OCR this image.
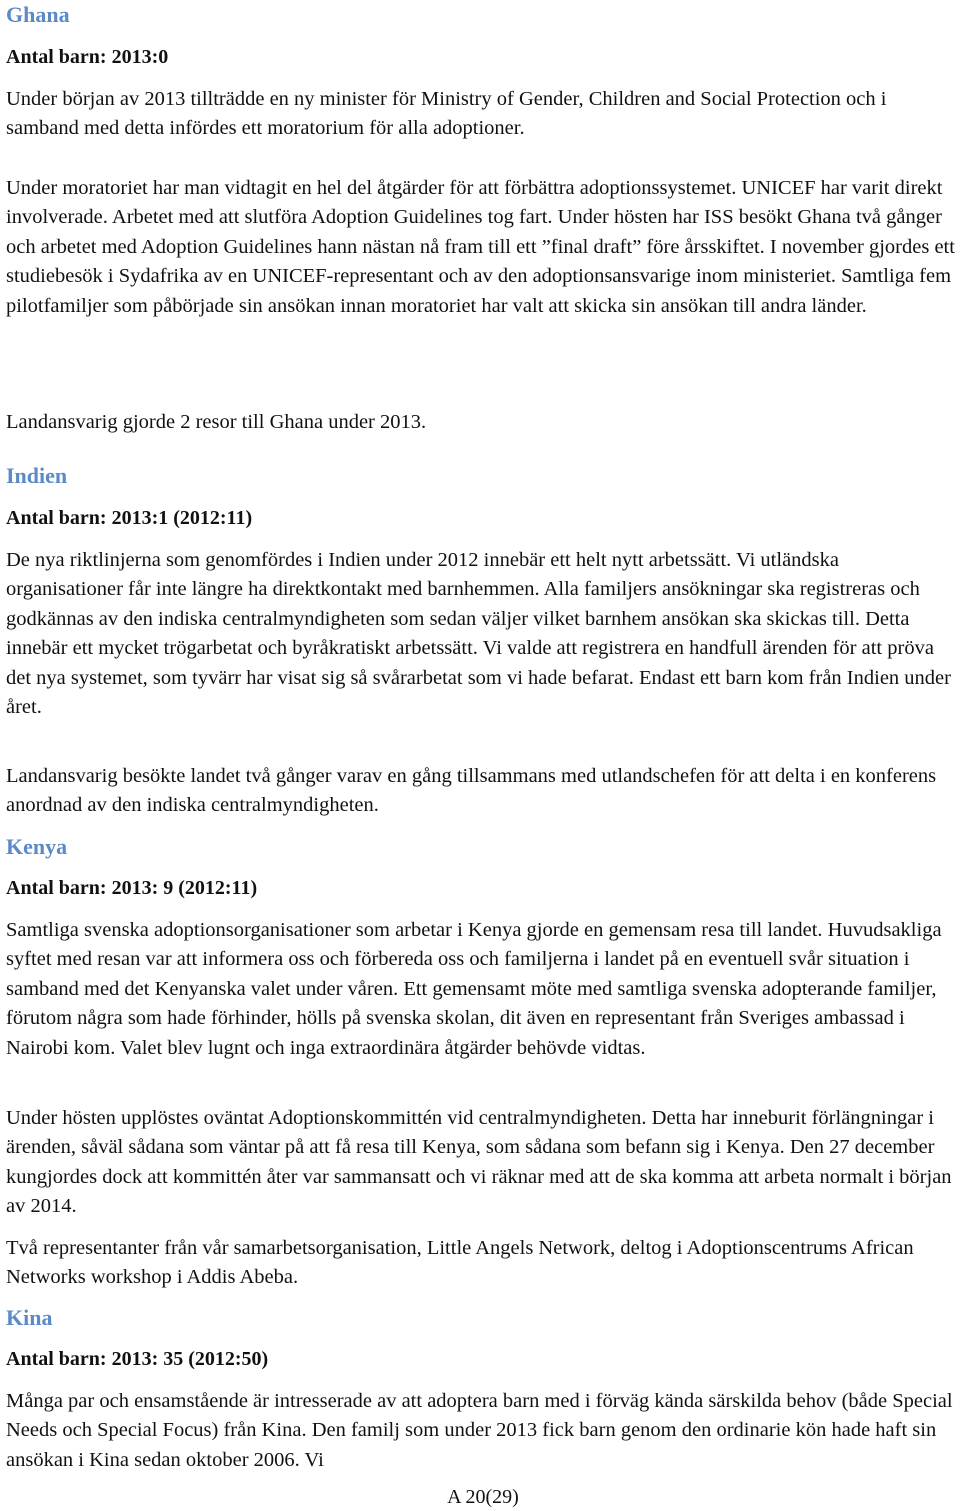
Ghana
Antal barn: 2013:0

Under början av 2013 tillträdde en ny minister för Ministry of Gender, Children and Social Protection och i samband med detta infördes ett moratorium för alla adoptioner.

Under moratoriet har man vidtagit en hel del åtgärder för att förbättra adoptionssystemet. UNICEF har varit direkt involverade. Arbetet med att slutföra Adoption Guidelines tog fart. Under hösten har ISS besökt Ghana två gånger och arbetet med Adoption Guidelines hann nästan nå fram till ett ”final draft” före årsskiftet. I november gjordes ett studiebesök i Sydafrika av en UNICEF-representant och av den adoptionsansvarige inom ministeriet. Samtliga fem pilotfamiljer som påbörjade sin ansökan innan moratoriet har valt att skicka sin ansökan till andra länder.

Landansvarig gjorde 2 resor till Ghana under 2013.

Indien
Antal barn: 2013:1 (2012:11)

De nya riktlinjerna som genomfördes i Indien under 2012 innebär ett helt nytt arbetssätt. Vi utländska organisationer får inte längre ha direktkontakt med barnhemmen. Alla familjers ansökningar ska registreras och godkännas av den indiska centralmyndigheten som sedan väljer vilket barnhem ansökan ska skickas till. Detta innebär ett mycket trögarbetat och byråkratiskt arbetssätt. Vi valde att registrera en handfull ärenden för att pröva det nya systemet, som tyvärr har visat sig så svårarbetat som vi hade befarat. Endast ett barn kom från Indien under året.

Landansvarig besökte landet två gånger varav en gång tillsammans med utlandschefen för att delta i en konferens anordnad av den indiska centralmyndigheten.

Kenya
Antal barn: 2013: 9 (2012:11)

Samtliga svenska adoptionsorganisationer som arbetar i Kenya gjorde en gemensam resa till landet. Huvudsakliga syftet med resan var att informera oss och förbereda oss och familjerna i landet på en eventuell svår situation i samband med det Kenyanska valet under våren. Ett gemensamt möte med samtliga svenska adopterande familjer, förutom några som hade förhinder, hölls på svenska skolan, dit även en representant från Sveriges ambassad i Nairobi kom. Valet blev lugnt och inga extraordinära åtgärder behövde vidtas.

Under hösten upplöstes oväntat Adoptionskommittén vid centralmyndigheten. Detta har inneburit förlängningar i ärenden, såväl sådana som väntar på att få resa till Kenya, som sådana som befann sig i Kenya. Den 27 december kungjordes dock att kommittén åter var sammansatt och vi räknar med att de ska komma att arbeta normalt i början av 2014.

Två representanter från vår samarbetsorganisation, Little Angels Network, deltog i Adoptionscentrums African Networks workshop i Addis Abeba.

Kina
Antal barn: 2013: 35 (2012:50)

Många par och ensamstående är intresserade av att adoptera barn med i förväg kända särskilda behov (både Special Needs och Special Focus) från Kina. Den familj som under 2013 fick barn genom den ordinarie kön hade haft sin ansökan i Kina sedan oktober 2006. Vi

A 20(29)
